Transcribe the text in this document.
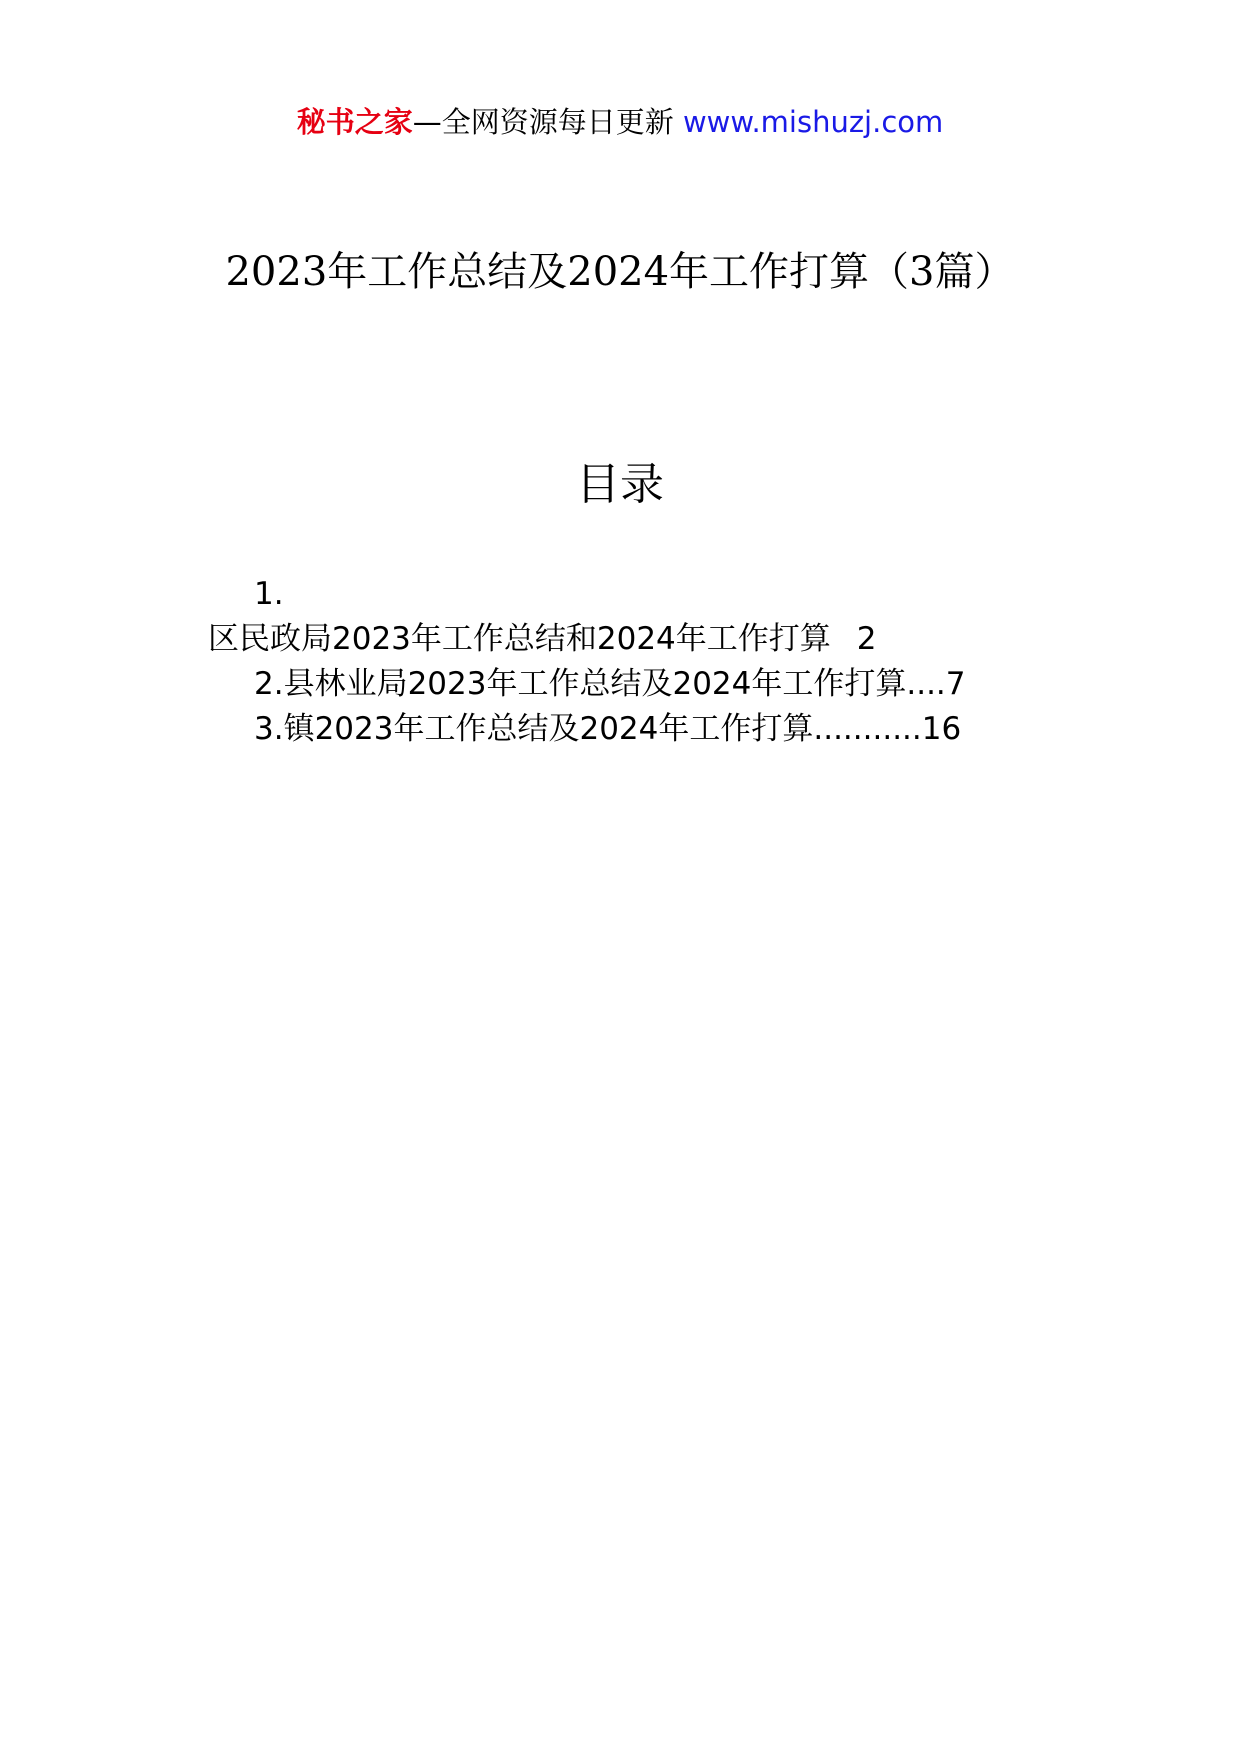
秘书之家—全网资源每日更新 www.mishuzj.com
2023年工作总结及2024年工作打算（3篇）
目录
1.
区民政局2023年工作总结和2024年工作打算 2
2.县林业局2023年工作总结及2024年工作打算....7
3.镇2023年工作总结及2024年工作打算...........16
